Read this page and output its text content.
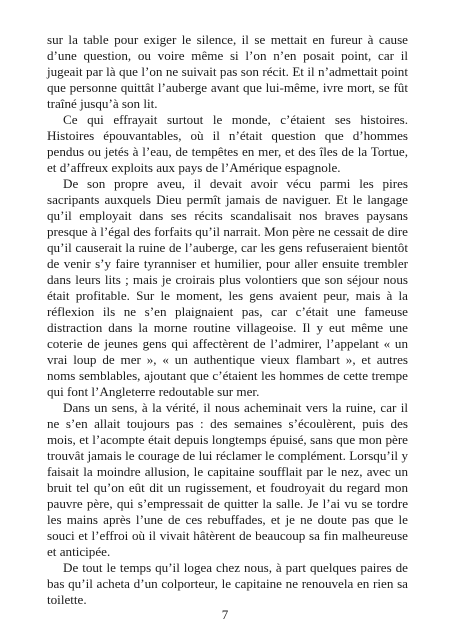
sur la table pour exiger le silence, il se mettait en fureur à cause d’une question, ou voire même si l’on n’en posait point, car il jugeait par là que l’on ne suivait pas son récit. Et il n’admettait point que personne quittât l’auberge avant que lui-même, ivre mort, se fût traîné jusqu’à son lit.

Ce qui effrayait surtout le monde, c’étaient ses histoires. Histoires épouvantables, où il n’était question que d’hommes pendus ou jetés à l’eau, de tempêtes en mer, et des îles de la Tortue, et d’affreux exploits aux pays de l’Amérique espagnole.

De son propre aveu, il devait avoir vécu parmi les pires sacripants auxquels Dieu permît jamais de naviguer. Et le langage qu’il employait dans ses récits scandalisait nos braves paysans presque à l’égal des forfaits qu’il narrait. Mon père ne cessait de dire qu’il causerait la ruine de l’auberge, car les gens refuseraient bientôt de venir s’y faire tyranniser et humilier, pour aller ensuite trembler dans leurs lits ; mais je croirais plus volontiers que son séjour nous était profitable. Sur le moment, les gens avaient peur, mais à la réflexion ils ne s’en plaignaient pas, car c’était une fameuse distraction dans la morne routine villageoise. Il y eut même une coterie de jeunes gens qui affectèrent de l’admirer, l’appelant « un vrai loup de mer », « un authentique vieux flambart », et autres noms semblables, ajoutant que c’étaient les hommes de cette trempe qui font l’Angleterre redoutable sur mer.

Dans un sens, à la vérité, il nous acheminait vers la ruine, car il ne s’en allait toujours pas : des semaines s’écoulèrent, puis des mois, et l’acompte était depuis longtemps épuisé, sans que mon père trouvât jamais le courage de lui réclamer le complément. Lorsqu’il y faisait la moindre allusion, le capitaine soufflait par le nez, avec un bruit tel qu’on eût dit un rugissement, et foudroyait du regard mon pauvre père, qui s’empressait de quitter la salle. Je l’ai vu se tordre les mains après l’une de ces rebuffades, et je ne doute pas que le souci et l’effroi où il vivait hâtèrent de beaucoup sa fin malheureuse et anticipée.

De tout le temps qu’il logea chez nous, à part quelques paires de bas qu’il acheta d’un colporteur, le capitaine ne renouvela en rien sa toilette.

7
